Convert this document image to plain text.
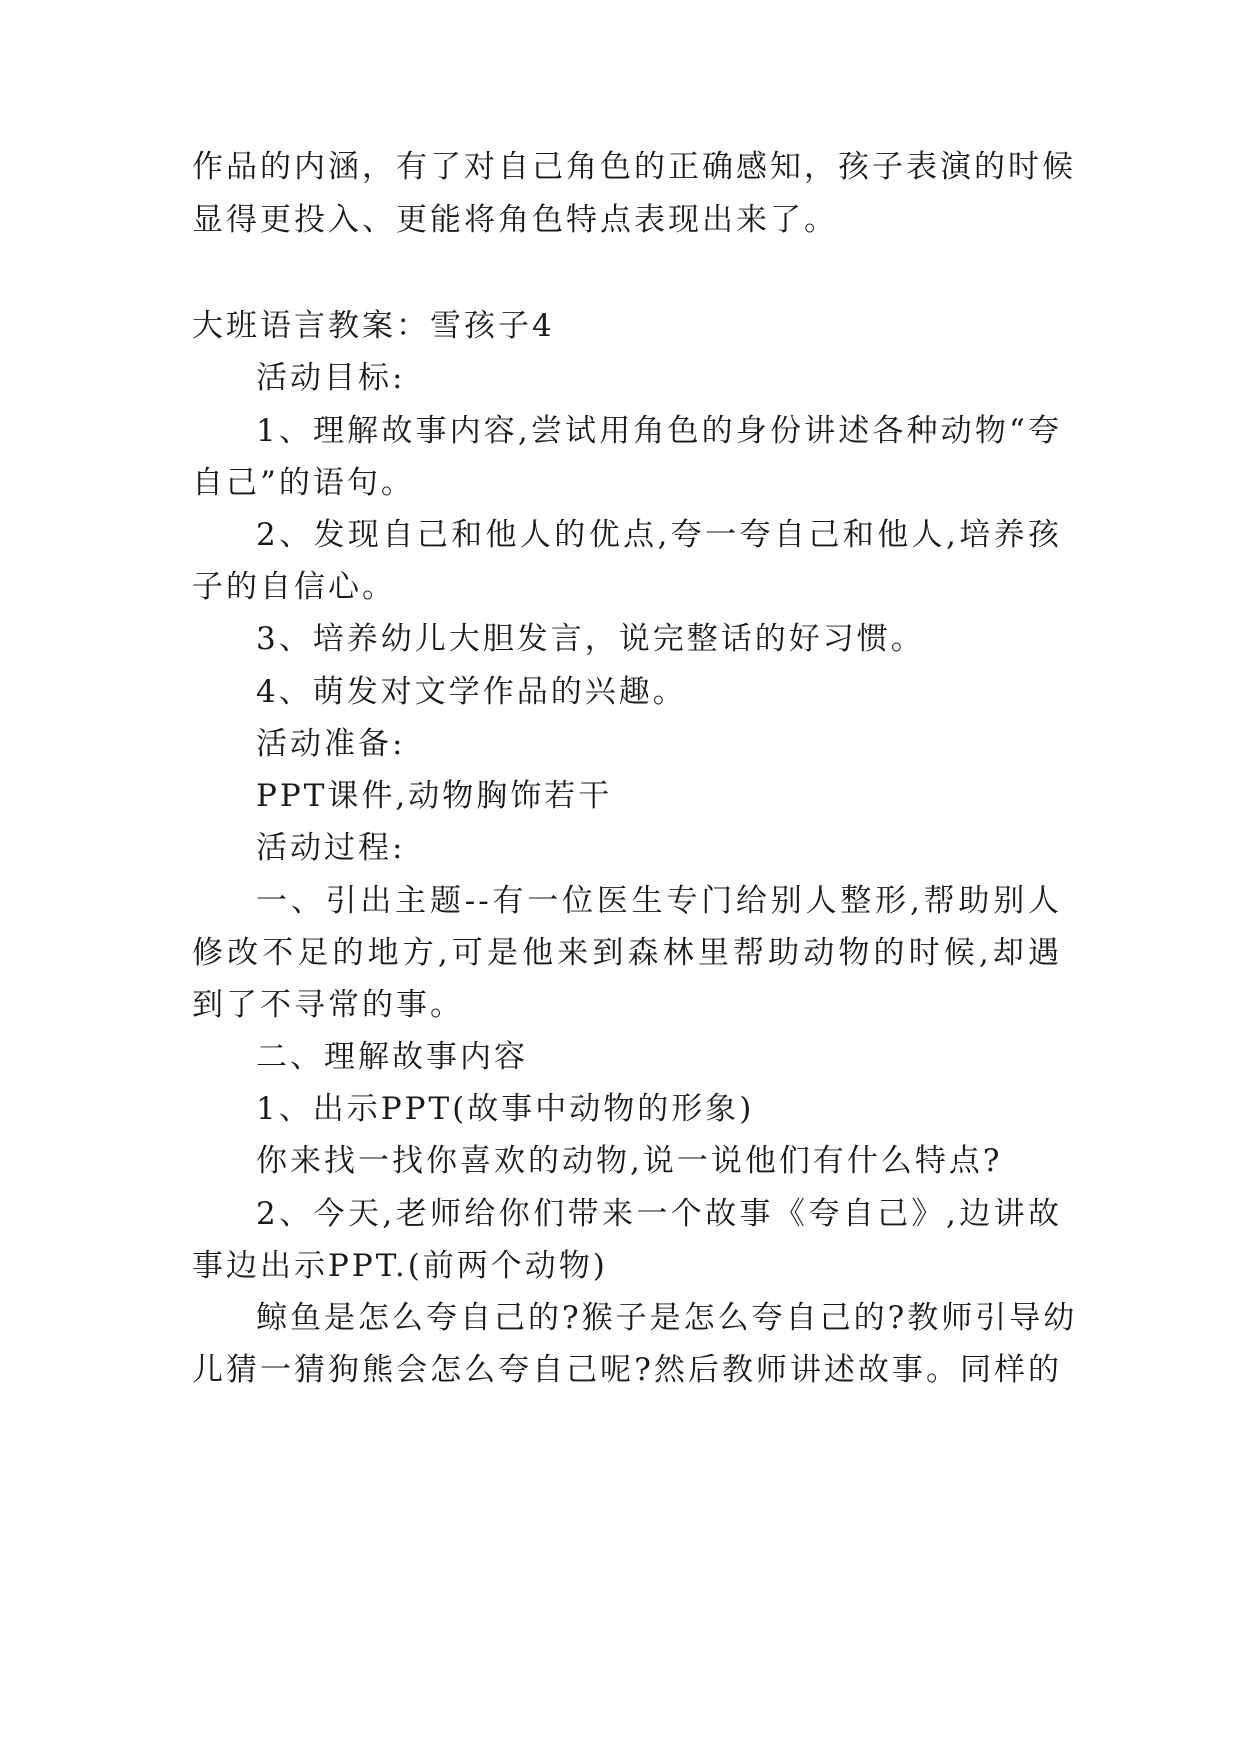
作品的内涵，有了对自己角色的正确感知，孩子表演的时候
显得更投入、更能将角色特点表现出来了。
大班语言教案：雪孩子4
活动目标:
1、理解故事内容,尝试用角色的身份讲述各种动物“夸
自己”的语句。
2、发现自己和他人的优点,夸一夸自己和他人,培养孩
子的自信心。
3、培养幼儿大胆发言，说完整话的好习惯。
4、萌发对文学作品的兴趣。
活动准备:
PPT课件,动物胸饰若干
活动过程:
一、引出主题--有一位医生专门给别人整形,帮助别人
修改不足的地方,可是他来到森林里帮助动物的时候,却遇
到了不寻常的事。
二、理解故事内容
1、出示PPT(故事中动物的形象)
你来找一找你喜欢的动物,说一说他们有什么特点?
2、今天,老师给你们带来一个故事《夸自己》,边讲故
事边出示PPT.(前两个动物)
鲸鱼是怎么夸自己的?猴子是怎么夸自己的?教师引导幼
儿猜一猜狗熊会怎么夸自己呢?然后教师讲述故事。同样的
